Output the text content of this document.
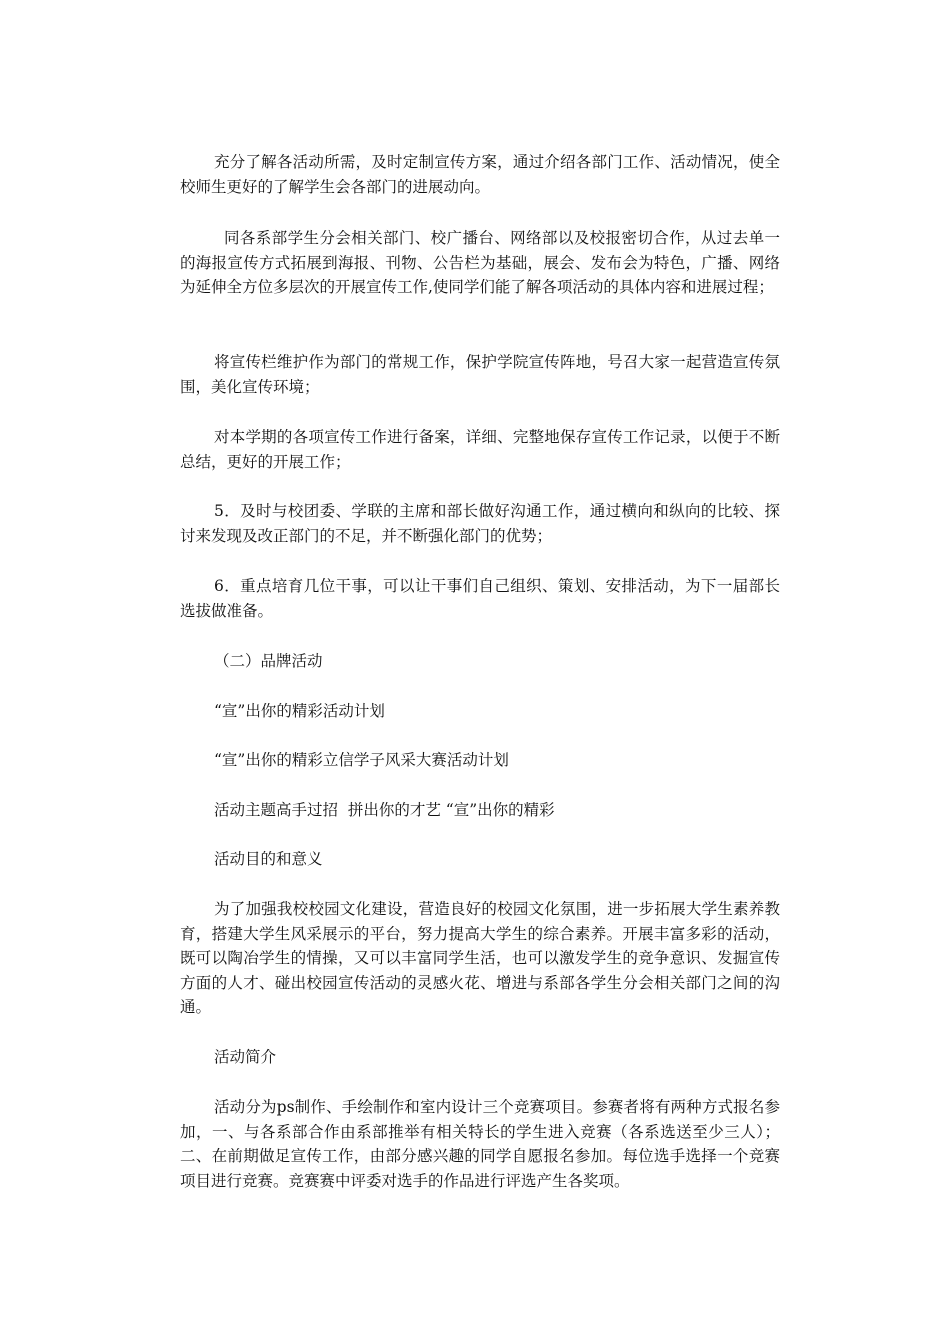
充分了解各活动所需，及时定制宣传方案，通过介绍各部门工作、活动情况，使全校师生更好的了解学生会各部门的进展动向。

同各系部学生分会相关部门、校广播台、网络部以及校报密切合作，从过去单一的海报宣传方式拓展到海报、刊物、公告栏为基础，展会、发布会为特色，广播、网络为延伸全方位多层次的开展宣传工作,使同学们能了解各项活动的具体内容和进展过程；

将宣传栏维护作为部门的常规工作，保护学院宣传阵地，号召大家一起营造宣传氛围，美化宣传环境；

对本学期的各项宣传工作进行备案，详细、完整地保存宣传工作记录，以便于不断总结，更好的开展工作；

5．及时与校团委、学联的主席和部长做好沟通工作，通过横向和纵向的比较、探讨来发现及改正部门的不足，并不断强化部门的优势；

6．重点培育几位干事，可以让干事们自己组织、策划、安排活动，为下一届部长选拔做准备。

（二）品牌活动

“宣”出你的精彩活动计划

“宣”出你的精彩立信学子风采大赛活动计划

活动主题高手过招  拼出你的才艺 “宣”出你的精彩

活动目的和意义

为了加强我校校园文化建设，营造良好的校园文化氛围，进一步拓展大学生素养教育，搭建大学生风采展示的平台，努力提高大学生的综合素养。开展丰富多彩的活动，既可以陶冶学生的情操，又可以丰富同学生活，也可以激发学生的竞争意识、发掘宣传方面的人才、碰出校园宣传活动的灵感火花、增进与系部各学生分会相关部门之间的沟通。

活动简介

活动分为ps制作、手绘制作和室内设计三个竞赛项目。参赛者将有两种方式报名参加，一、与各系部合作由系部推举有相关特长的学生进入竞赛（各系选送至少三人）；二、在前期做足宣传工作，由部分感兴趣的同学自愿报名参加。每位选手选择一个竞赛项目进行竞赛。竞赛赛中评委对选手的作品进行评选产生各奖项。
